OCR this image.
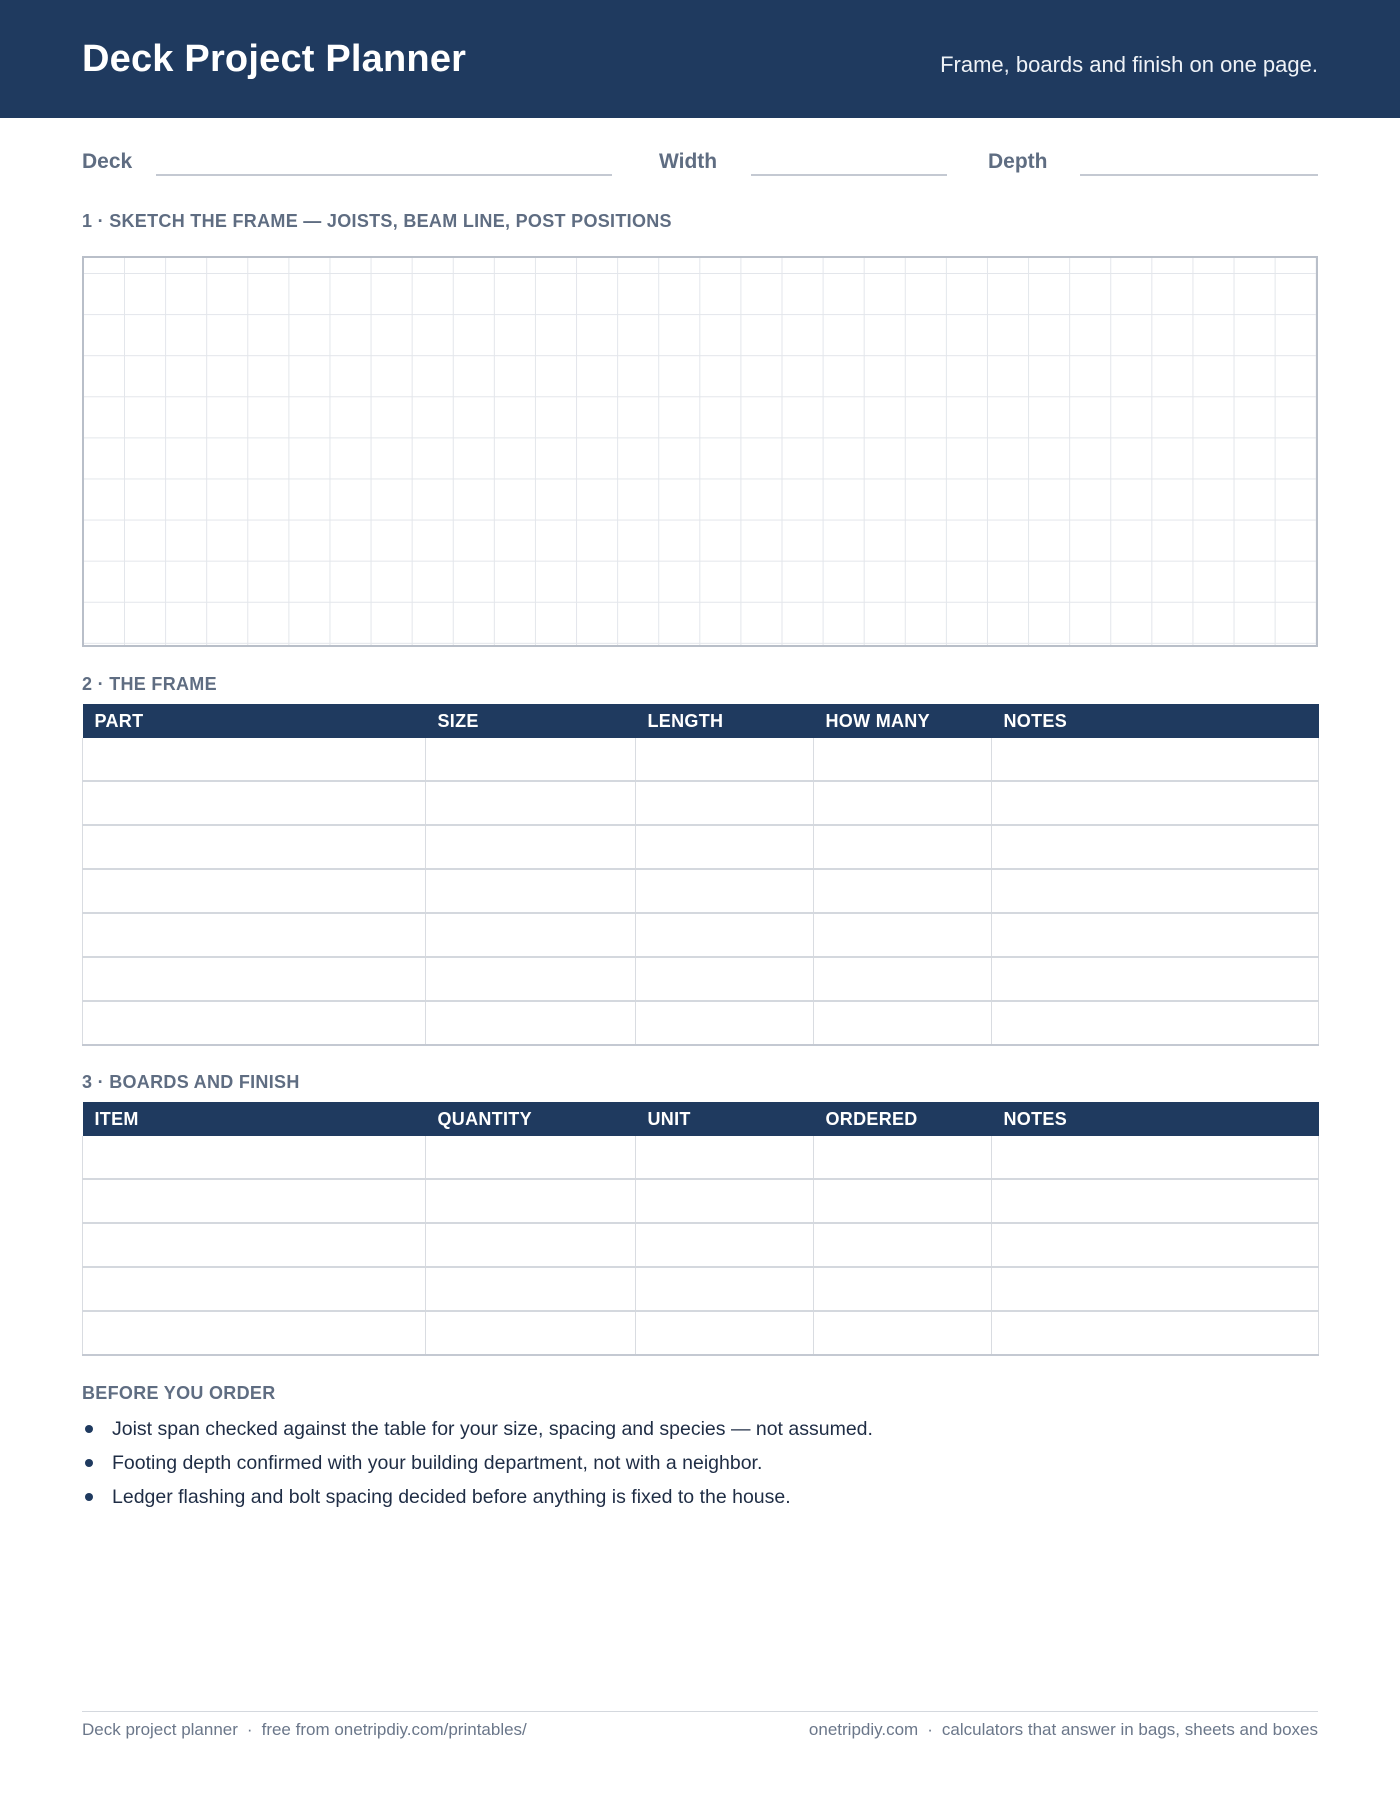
Deck Project Planner	Frame, boards and finish on one page.
Deck	Width	Depth
1 · SKETCH THE FRAME — JOISTS, BEAM LINE, POST POSITIONS
2 · THE FRAME
PART	SIZE	LENGTH	HOW MANY	NOTES

3 · BOARDS AND FINISH
ITEM	QUANTITY	UNIT	ORDERED	NOTES

BEFORE YOU ORDER
Joist span checked against the table for your size, spacing and species — not assumed.
Footing depth confirmed with your building department, not with a neighbor.
Ledger flashing and bolt spacing decided before anything is fixed to the house.
Deck project planner · free from onetripdiy.com/printables/	onetripdiy.com · calculators that answer in bags, sheets and boxes
